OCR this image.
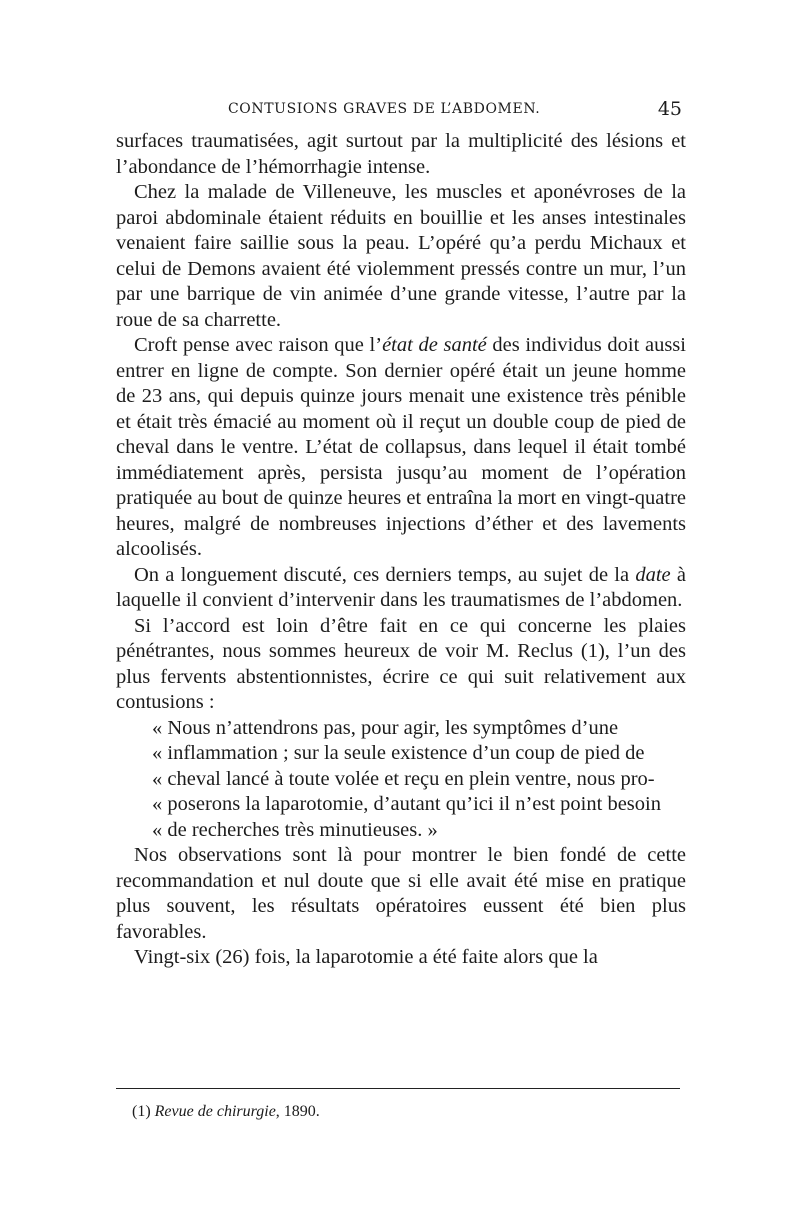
CONTUSIONS GRAVES DE L’ABDOMEN.	45

surfaces traumatisées, agit surtout par la multiplicité des lésions et l’abondance de l’hémorrhagie intense.

Chez la malade de Villeneuve, les muscles et aponévroses de la paroi abdominale étaient réduits en bouillie et les anses intestinales venaient faire saillie sous la peau. L’opéré qu’a perdu Michaux et celui de Demons avaient été violemment pressés contre un mur, l’un par une barrique de vin animée d’une grande vitesse, l’autre par la roue de sa charrette.

Croft pense avec raison que l’état de santé des individus doit aussi entrer en ligne de compte. Son dernier opéré était un jeune homme de 23 ans, qui depuis quinze jours menait une existence très pénible et était très émacié au moment où il reçut un double coup de pied de cheval dans le ventre. L’état de collapsus, dans lequel il était tombé immédiatement après, persista jusqu’au moment de l’opération pratiquée au bout de quinze heures et entraîna la mort en vingt-quatre heures, malgré de nombreuses injections d’éther et des lavements alcoolisés.

On a longuement discuté, ces derniers temps, au sujet de la date à laquelle il convient d’intervenir dans les traumatismes de l’abdomen.

Si l’accord est loin d’être fait en ce qui concerne les plaies pénétrantes, nous sommes heureux de voir M. Reclus (1), l’un des plus fervents abstentionnistes, écrire ce qui suit relativement aux contusions :

« Nous n’attendrons pas, pour agir, les symptômes d’une

« inflammation ; sur la seule existence d’un coup de pied de

« cheval lancé à toute volée et reçu en plein ventre, nous pro-

« poserons la laparotomie, d’autant qu’ici il n’est point besoin

« de recherches très minutieuses. »

Nos observations sont là pour montrer le bien fondé de cette recommandation et nul doute que si elle avait été mise en pratique plus souvent, les résultats opératoires eussent été bien plus favorables.

Vingt-six (26) fois, la laparotomie a été faite alors que la

(1) Revue de chirurgie, 1890.
